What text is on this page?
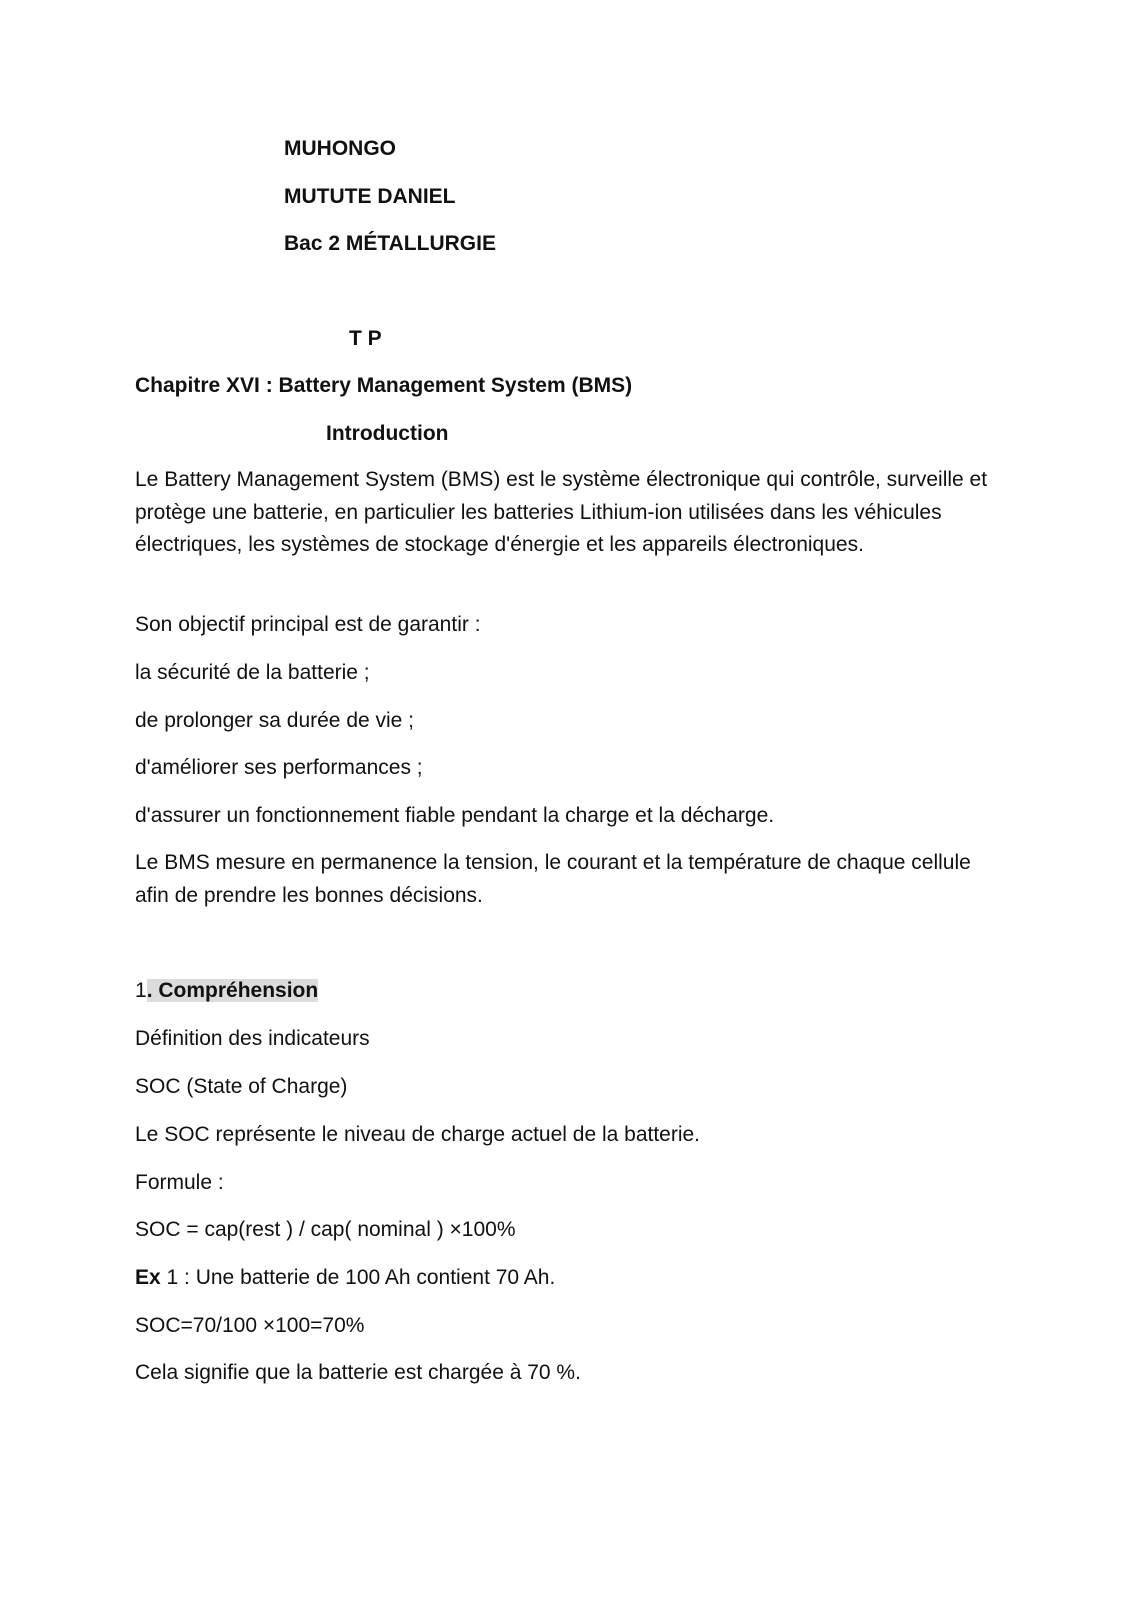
MUHONGO
MUTUTE DANIEL
Bac 2 MÉTALLURGIE
T P
Chapitre XVI : Battery Management System (BMS)
Introduction
Le Battery Management System (BMS) est le système électronique qui contrôle, surveille et protège une batterie, en particulier les batteries Lithium-ion utilisées dans les véhicules électriques, les systèmes de stockage d'énergie et les appareils électroniques.
Son objectif principal est de garantir :
la sécurité de la batterie ;
de prolonger sa durée de vie ;
d'améliorer ses performances ;
d'assurer un fonctionnement fiable pendant la charge et la décharge.
Le BMS mesure en permanence la tension, le courant et la température de chaque cellule afin de prendre les bonnes décisions.
1. Compréhension
Définition des indicateurs
SOC (State of Charge)
Le SOC représente le niveau de charge actuel de la batterie.
Formule :
SOC = cap(rest ) / cap( nominal ) ×100%
Ex 1 : Une batterie de 100 Ah contient 70 Ah.
SOC=70/100 ×100=70%
Cela signifie que la batterie est chargée à 70 %.
